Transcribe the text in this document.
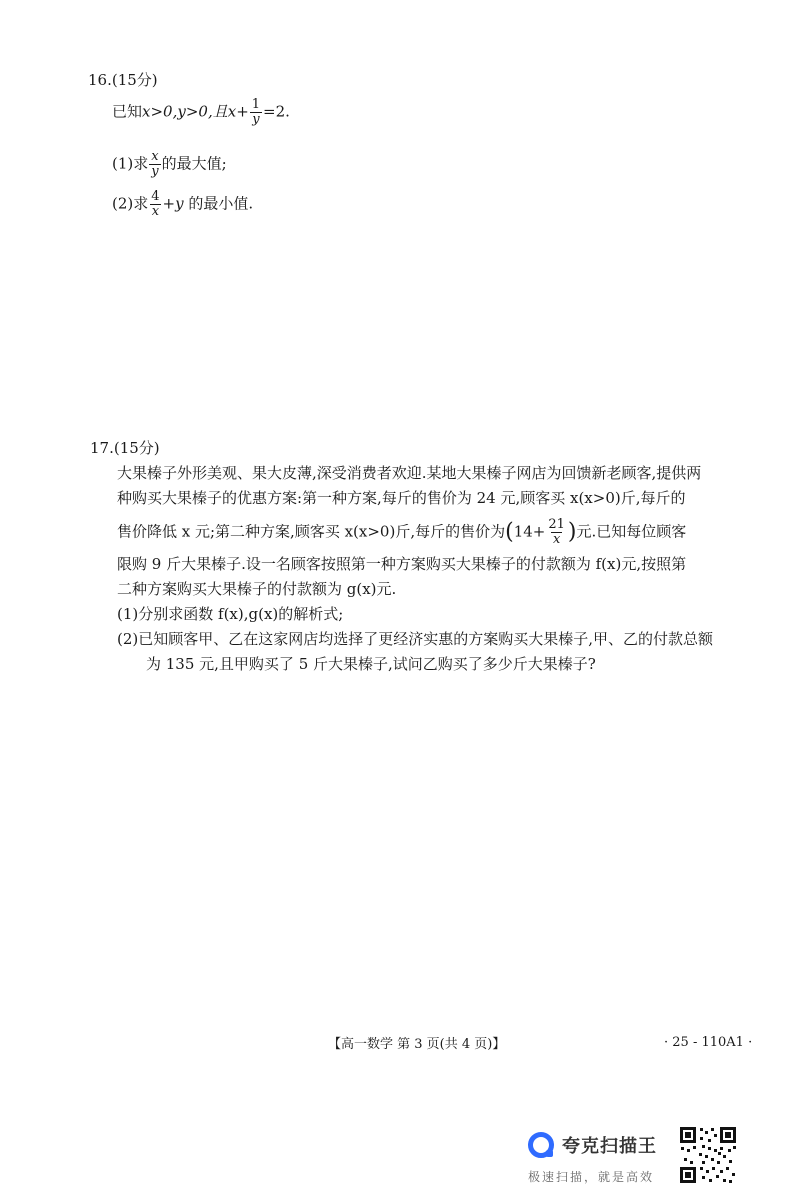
16.(15分)
已知x>0,y>0,且$x+ \frac{1}{y} =2$.
(1)求 $\frac{x}{y}$ 的最大值;
(2)求 $\frac{4}{x} +y$ 的最小值.
17.(15分)
大果榛子外形美观、果大皮薄,深受消费者欢迎.某地大果榛子网店为回馈新老顾客,提供两
种购买大果榛子的优惠方案:第一种方案,每斤的售价为 24 元,顾客买 x(x>0)斤,每斤的
售价降低 x 元;第二种方案,顾客买 x(x>0)斤,每斤的售价为($14+ \frac{21}{x}$ )元.已知每位顾客
限购 9 斤大果榛子.设一名顾客按照第一种方案购买大果榛子的付款额为 f(x)元,按照第
二种方案购买大果榛子的付款额为 g(x)元.
(1)分别求函数 f(x),g(x)的解析式;
(2)已知顾客甲、乙在这家网店均选择了更经济实惠的方案购买大果榛子,甲、乙的付款总额
为 135 元,且甲购买了 5 斤大果榛子,试问乙购买了多少斤大果榛子?
【高一数学 第 3 页(共 4 页)】	· 25 - 110A1 ·
夸克扫描王
极速扫描，就是高效
